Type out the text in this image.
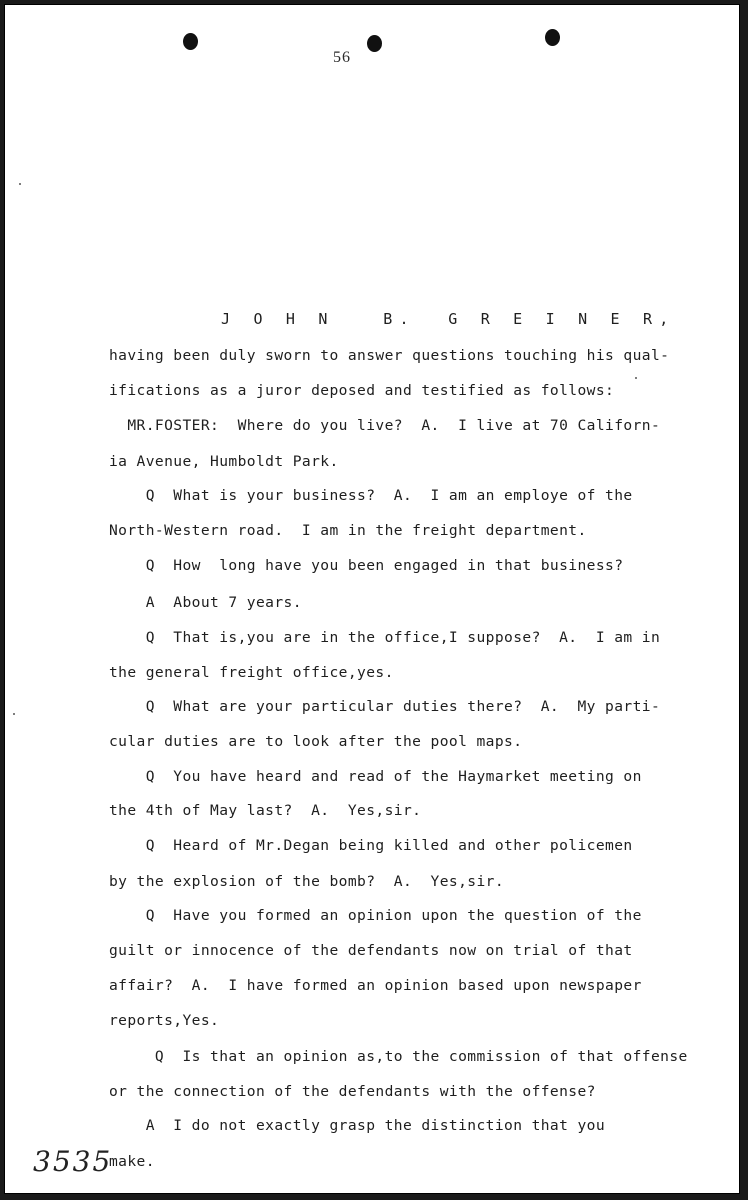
56
J O H N   B.  G R E I N E R,
having been duly sworn to answer questions touching his qual-
ifications as a juror deposed and testified as follows:
MR.FOSTER:  Where do you live?  A.  I live at 70 Californ-
ia Avenue, Humboldt Park.
Q  What is your business?  A.  I am an employe of the
North-Western road.  I am in the freight department.
Q  How  long have you been engaged in that business?
A  About 7 years.
Q  That is,you are in the office,I suppose?  A.  I am in
the general freight office,yes.
Q  What are your particular duties there?  A.  My parti-
cular duties are to look after the pool maps.
Q  You have heard and read of the Haymarket meeting on
the 4th of May last?  A.  Yes,sir.
Q  Heard of Mr.Degan being killed and other policemen
by the explosion of the bomb?  A.  Yes,sir.
Q  Have you formed an opinion upon the question of the
guilt or innocence of the defendants now on trial of that
affair?  A.  I have formed an opinion based upon newspaper
reports,Yes.
Q  Is that an opinion as,to the commission of that offense
or the connection of the defendants with the offense?
A  I do not exactly grasp the distinction that you
make.
3535
